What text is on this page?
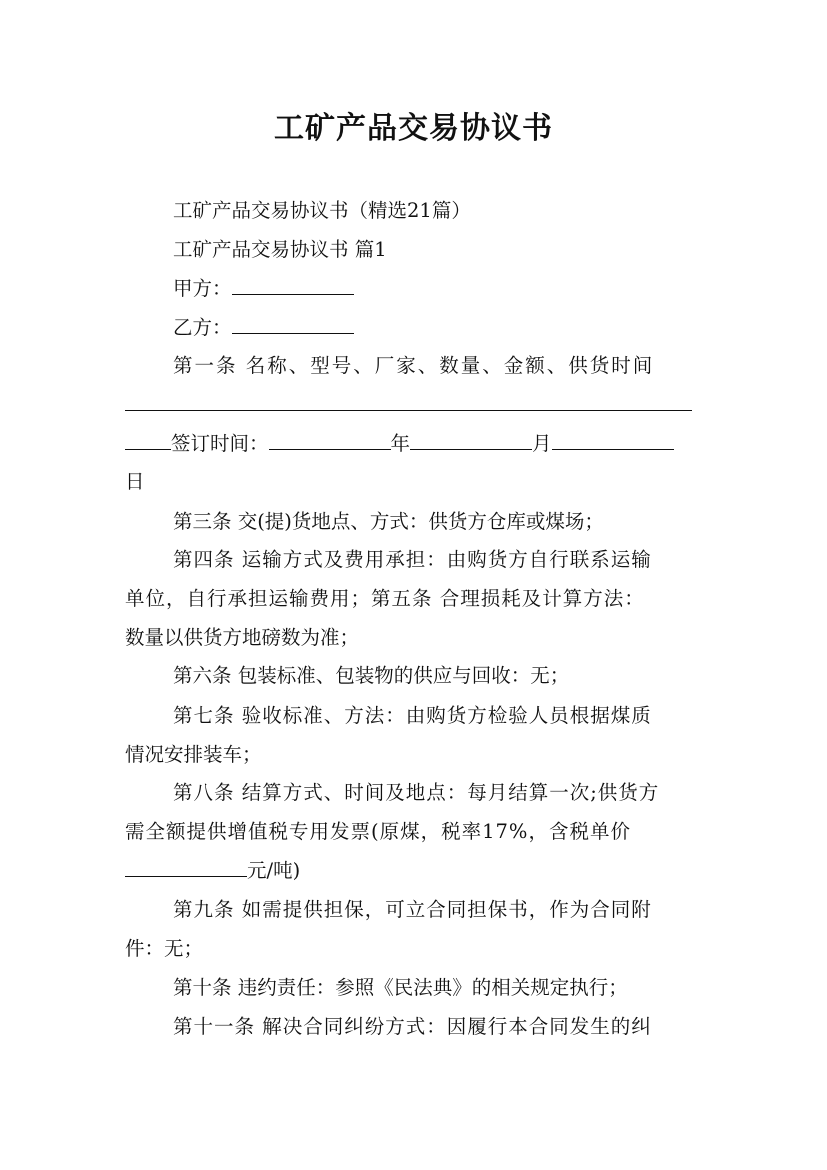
工矿产品交易协议书
工矿产品交易协议书（精选21篇）
工矿产品交易协议书 篇1
甲方：
乙方：
第一条 名称、型号、厂家、数量、金额、供货时间
签订时间：	年	月
日
第三条 交(提)货地点、方式：供货方仓库或煤场；
第四条 运输方式及费用承担：由购货方自行联系运输
单位，自行承担运输费用；第五条 合理损耗及计算方法：
数量以供货方地磅数为准；
第六条 包装标准、包装物的供应与回收：无；
第七条 验收标准、方法：由购货方检验人员根据煤质
情况安排装车；
第八条 结算方式、时间及地点：每月结算一次;供货方
需全额提供增值税专用发票(原煤，税率17%，含税单价
元/吨)
第九条 如需提供担保，可立合同担保书，作为合同附
件：无；
第十条 违约责任：参照《民法典》的相关规定执行；
第十一条 解决合同纠纷方式：因履行本合同发生的纠
